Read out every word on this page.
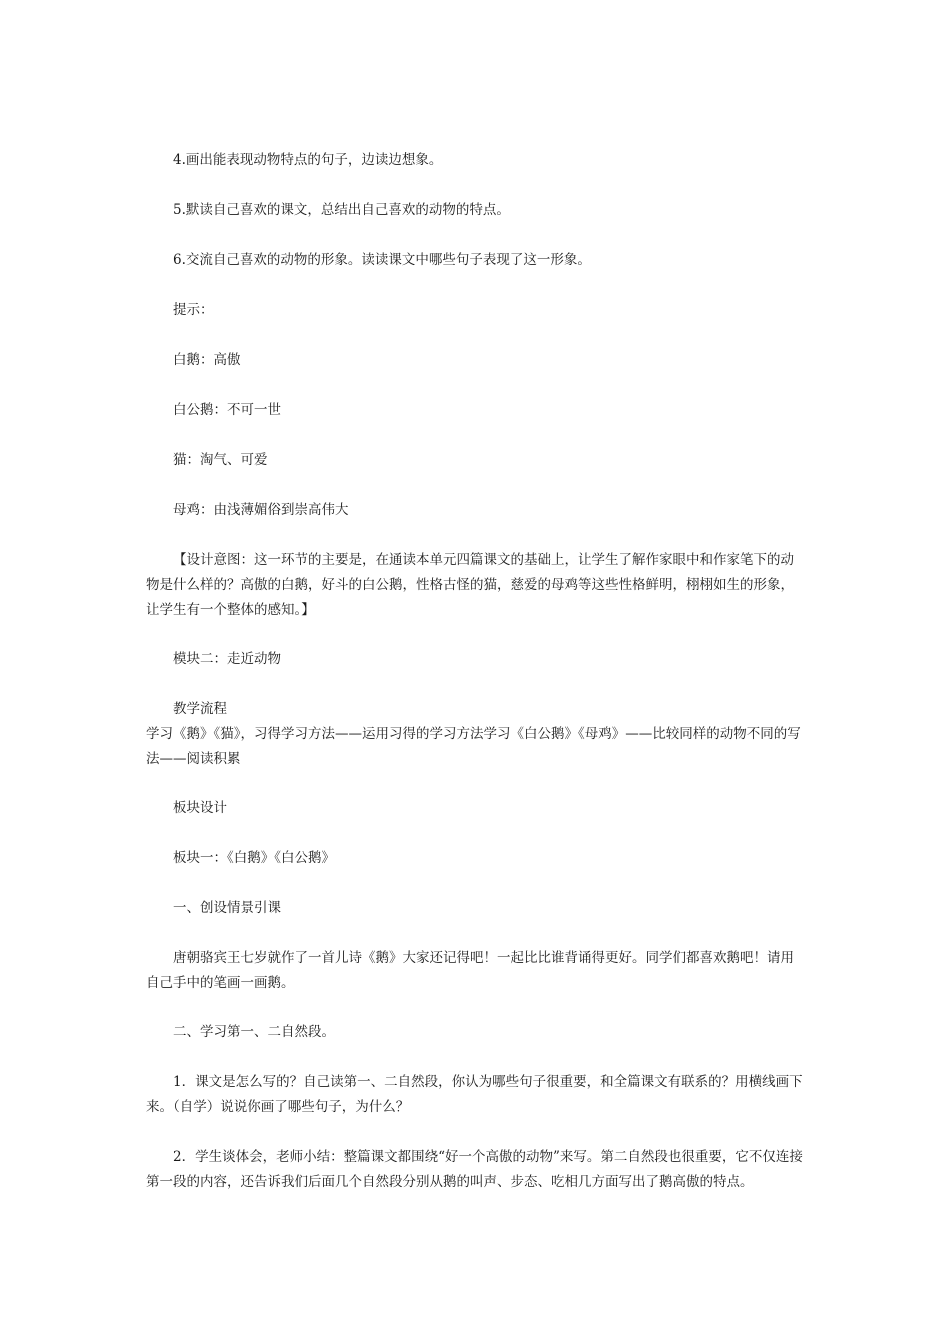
4.画出能表现动物特点的句子，边读边想象。

5.默读自己喜欢的课文，总结出自己喜欢的动物的特点。

6.交流自己喜欢的动物的形象。读读课文中哪些句子表现了这一形象。

提示：

白鹅：高傲

白公鹅：不可一世

猫：淘气、可爱

母鸡：由浅薄媚俗到崇高伟大

【设计意图：这一环节的主要是，在通读本单元四篇课文的基础上，让学生了解作家眼中和作家笔下的动物是什么样的？高傲的白鹅，好斗的白公鹅，性格古怪的猫，慈爱的母鸡等这些性格鲜明，栩栩如生的形象，让学生有一个整体的感知。】

模块二：走近动物

教学流程

学习《鹅》《猫》，习得学习方法——运用习得的学习方法学习《白公鹅》《母鸡》——比较同样的动物不同的写法——阅读积累

板块设计

板块一：《白鹅》《白公鹅》

一、创设情景引课

唐朝骆宾王七岁就作了一首儿诗《鹅》大家还记得吧！一起比比谁背诵得更好。同学们都喜欢鹅吧！请用自己手中的笔画一画鹅。

二、学习第一、二自然段。

1．课文是怎么写的？自己读第一、二自然段，你认为哪些句子很重要，和全篇课文有联系的？用横线画下来。（自学）说说你画了哪些句子，为什么？

2．学生谈体会，老师小结：整篇课文都围绕“好一个高傲的动物”来写。第二自然段也很重要，它不仅连接第一段的内容，还告诉我们后面几个自然段分别从鹅的叫声、步态、吃相几方面写出了鹅高傲的特点。
